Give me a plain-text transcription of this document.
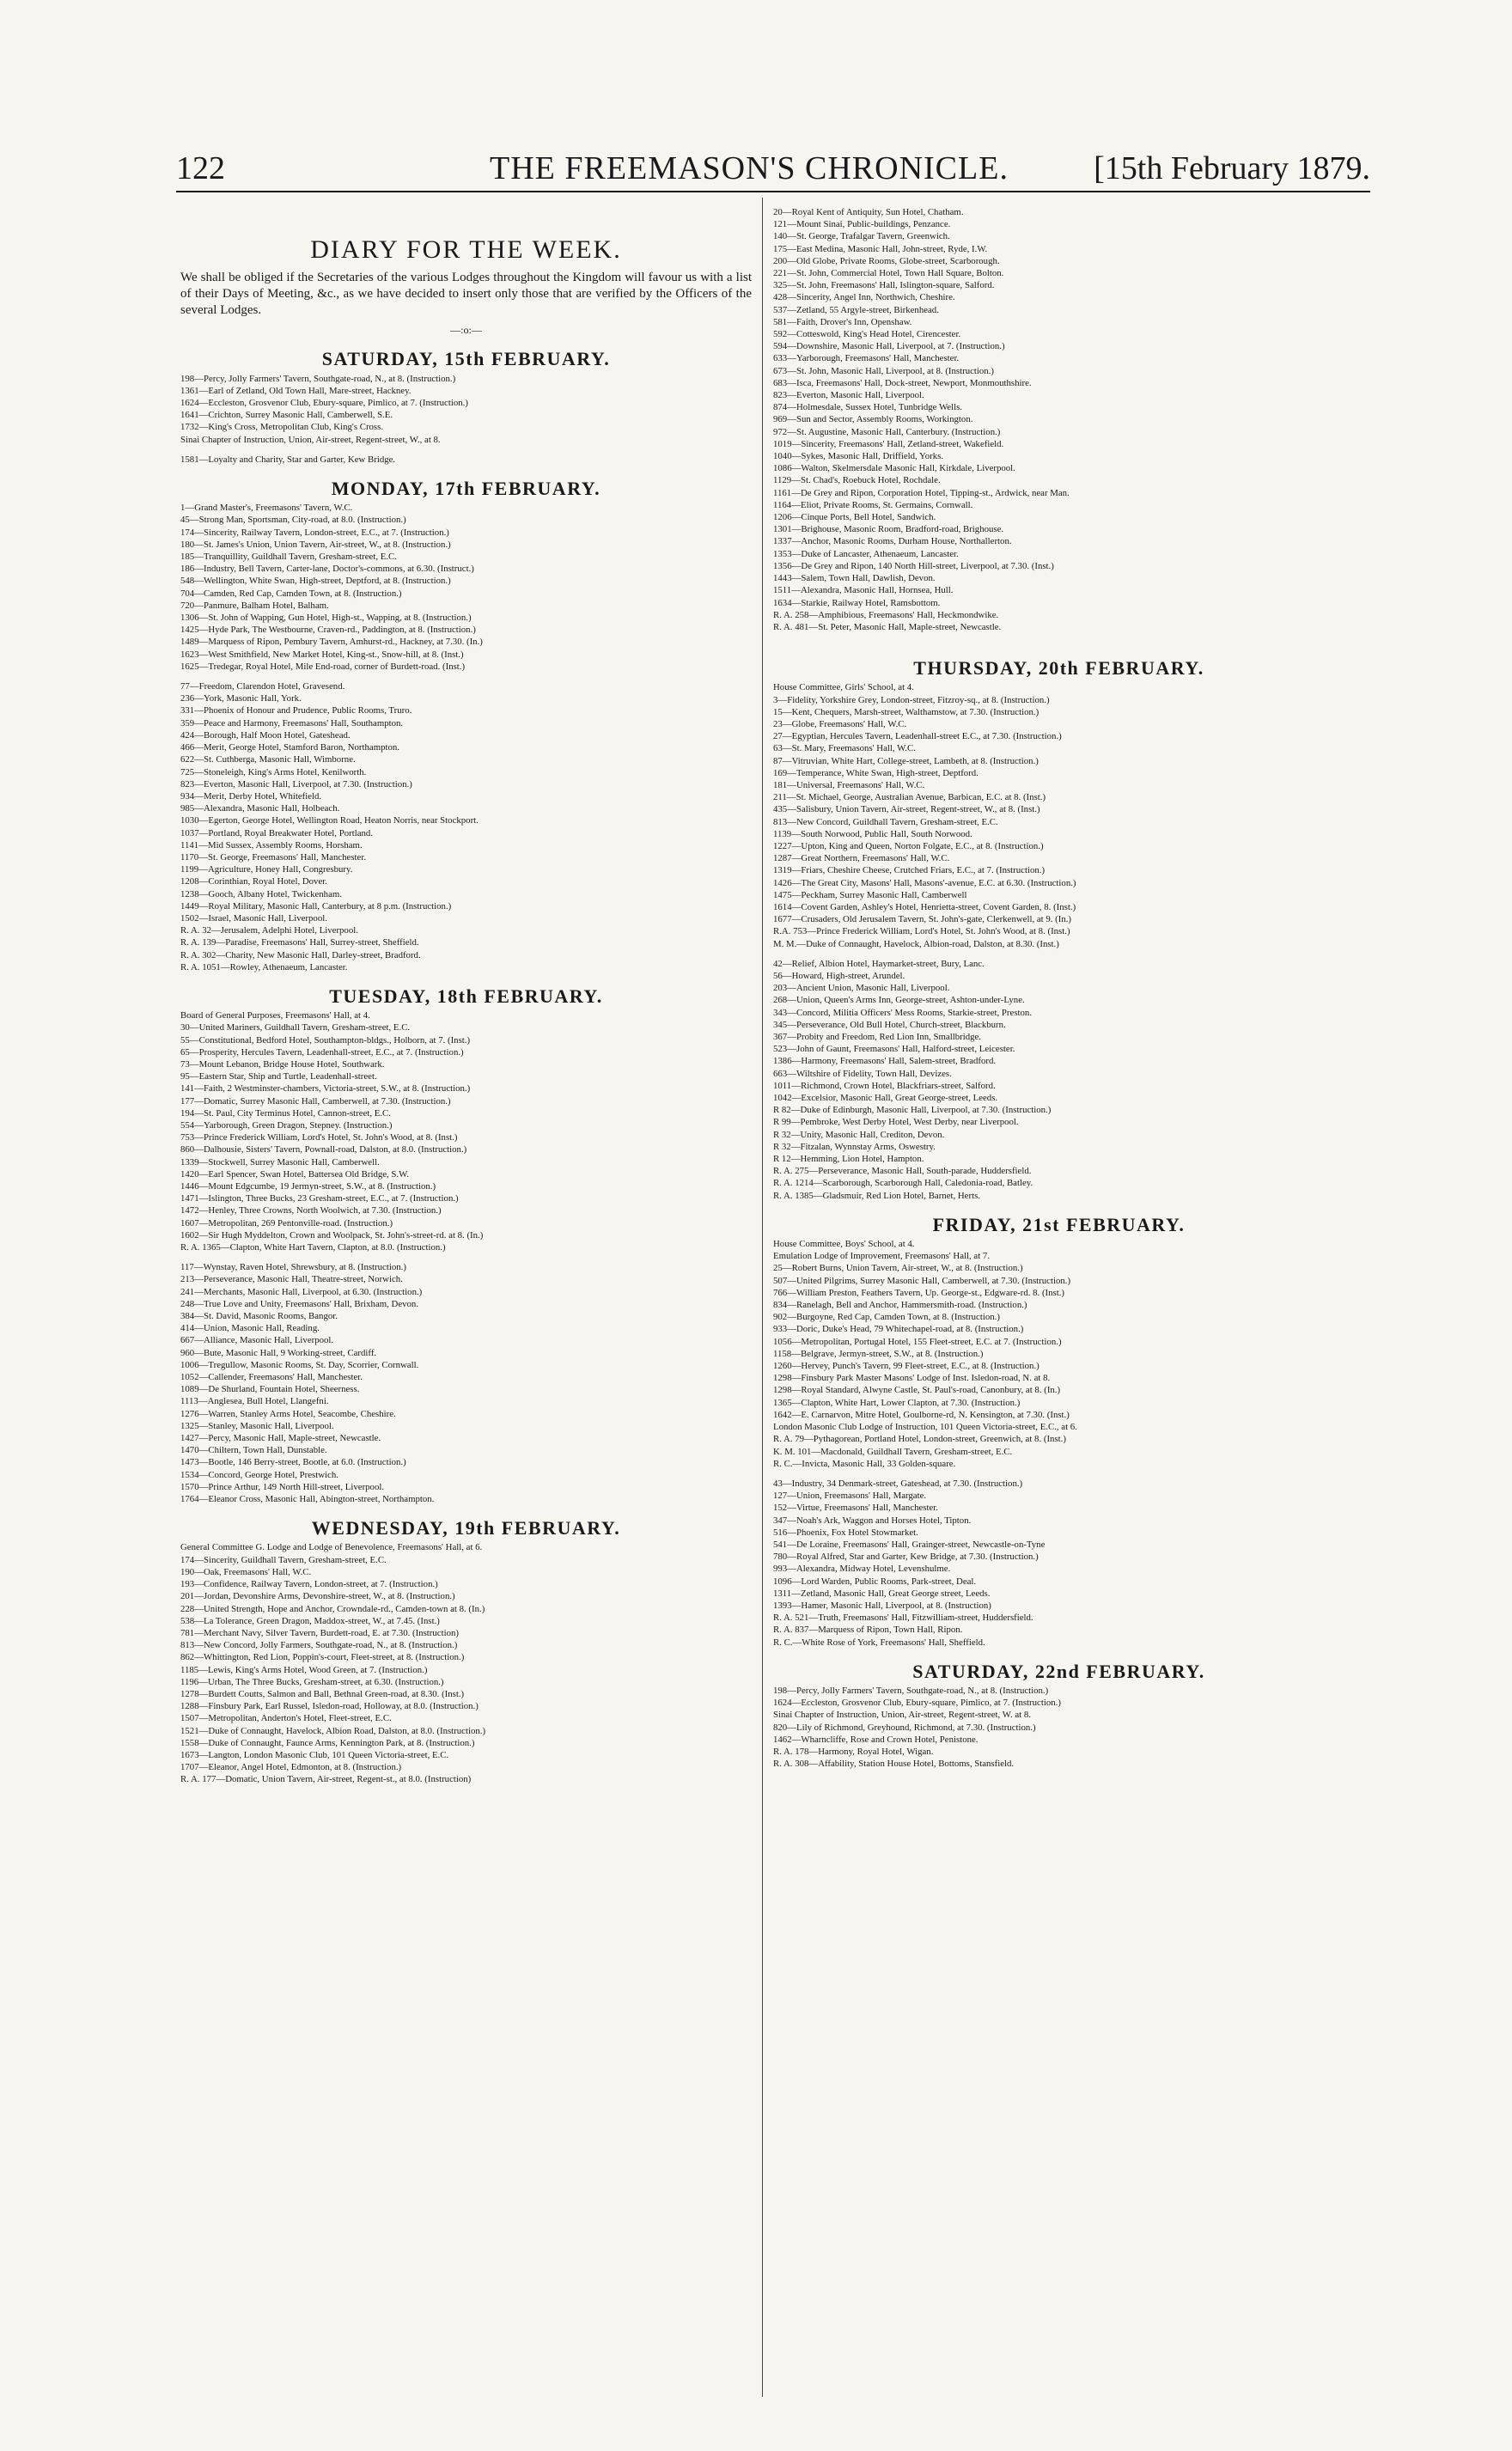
122	THE FREEMASON'S CHRONICLE.	[15th February 1879.
DIARY FOR THE WEEK.

We shall be obliged if the Secretaries of the various Lodges throughout the Kingdom will favour us with a list of their Days of Meeting, &c., as we have decided to insert only those that are verified by the Officers of the several Lodges.

—:o:—
SATURDAY, 15th FEBRUARY.

198—Percy, Jolly Farmers' Tavern, Southgate-road, N., at 8. (Instruction.)

1361—Earl of Zetland, Old Town Hall, Mare-street, Hackney.

1624—Eccleston, Grosvenor Club, Ebury-square, Pimlico, at 7. (Instruction.)

1641—Crichton, Surrey Masonic Hall, Camberwell, S.E.

1732—King's Cross, Metropolitan Club, King's Cross.

Sinai Chapter of Instruction, Union, Air-street, Regent-street, W., at 8.

1581—Loyalty and Charity, Star and Garter, Kew Bridge.

MONDAY, 17th FEBRUARY.

1—Grand Master's, Freemasons' Tavern, W.C.

45—Strong Man, Sportsman, City-road, at 8.0. (Instruction.)

174—Sincerity, Railway Tavern, London-street, E.C., at 7. (Instruction.)

180—St. James's Union, Union Tavern, Air-street, W., at 8. (Instruction.)

185—Tranquillity, Guildhall Tavern, Gresham-street, E.C.

186—Industry, Bell Tavern, Carter-lane, Doctor's-commons, at 6.30. (Instruct.)

548—Wellington, White Swan, High-street, Deptford, at 8. (Instruction.)

704—Camden, Red Cap, Camden Town, at 8. (Instruction.)

720—Panmure, Balham Hotel, Balham.

1306—St. John of Wapping, Gun Hotel, High-st., Wapping, at 8. (Instruction.)

1425—Hyde Park, The Westbourne, Craven-rd., Paddington, at 8. (Instruction.)

1489—Marquess of Ripon, Pembury Tavern, Amhurst-rd., Hackney, at 7.30. (In.)

1623—West Smithfield, New Market Hotel, King-st., Snow-hill, at 8. (Inst.)

1625—Tredegar, Royal Hotel, Mile End-road, corner of Burdett-road. (Inst.)

77—Freedom, Clarendon Hotel, Gravesend.

236—York, Masonic Hall, York.

331—Phoenix of Honour and Prudence, Public Rooms, Truro.

359—Peace and Harmony, Freemasons' Hall, Southampton.

424—Borough, Half Moon Hotel, Gateshead.

466—Merit, George Hotel, Stamford Baron, Northampton.

622—St. Cuthberga, Masonic Hall, Wimborne.

725—Stoneleigh, King's Arms Hotel, Kenilworth.

823—Everton, Masonic Hall, Liverpool, at 7.30. (Instruction.)

934—Merit, Derby Hotel, Whitefield.

985—Alexandra, Masonic Hall, Holbeach.

1030—Egerton, George Hotel, Wellington Road, Heaton Norris, near Stockport.

1037—Portland, Royal Breakwater Hotel, Portland.

1141—Mid Sussex, Assembly Rooms, Horsham.

1170—St. George, Freemasons' Hall, Manchester.

1199—Agriculture, Honey Hall, Congresbury.

1208—Corinthian, Royal Hotel, Dover.

1238—Gooch, Albany Hotel, Twickenham.

1449—Royal Military, Masonic Hall, Canterbury, at 8 p.m. (Instruction.)

1502—Israel, Masonic Hall, Liverpool.

R. A. 32—Jerusalem, Adelphi Hotel, Liverpool.

R. A. 139—Paradise, Freemasons' Hall, Surrey-street, Sheffield.

R. A. 302—Charity, New Masonic Hall, Darley-street, Bradford.

R. A. 1051—Rowley, Athenaeum, Lancaster.

TUESDAY, 18th FEBRUARY.

Board of General Purposes, Freemasons' Hall, at 4.

30—United Mariners, Guildhall Tavern, Gresham-street, E.C.

55—Constitutional, Bedford Hotel, Southampton-bldgs., Holborn, at 7. (Inst.)

65—Prosperity, Hercules Tavern, Leadenhall-street, E.C., at 7. (Instruction.)

73—Mount Lebanon, Bridge House Hotel, Southwark.

95—Eastern Star, Ship and Turtle, Leadenhall-street.

141—Faith, 2 Westminster-chambers, Victoria-street, S.W., at 8. (Instruction.)

177—Domatic, Surrey Masonic Hall, Camberwell, at 7.30. (Instruction.)

194—St. Paul, City Terminus Hotel, Cannon-street, E.C.

554—Yarborough, Green Dragon, Stepney. (Instruction.)

753—Prince Frederick William, Lord's Hotel, St. John's Wood, at 8. (Inst.)

860—Dalhousie, Sisters' Tavern, Pownall-road, Dalston, at 8.0. (Instruction.)

1339—Stockwell, Surrey Masonic Hall, Camberwell.

1420—Earl Spencer, Swan Hotel, Battersea Old Bridge, S.W.

1446—Mount Edgcumbe, 19 Jermyn-street, S.W., at 8. (Instruction.)

1471—Islington, Three Bucks, 23 Gresham-street, E.C., at 7. (Instruction.)

1472—Henley, Three Crowns, North Woolwich, at 7.30. (Instruction.)

1607—Metropolitan, 269 Pentonville-road. (Instruction.)

1602—Sir Hugh Myddelton, Crown and Woolpack, St. John's-street-rd. at 8. (In.)

R. A. 1365—Clapton, White Hart Tavern, Clapton, at 8.0. (Instruction.)

117—Wynstay, Raven Hotel, Shrewsbury, at 8. (Instruction.)

213—Perseverance, Masonic Hall, Theatre-street, Norwich.

241—Merchants, Masonic Hall, Liverpool, at 6.30. (Instruction.)

248—True Love and Unity, Freemasons' Hall, Brixham, Devon.

384—St. David, Masonic Rooms, Bangor.

414—Union, Masonic Hall, Reading.

667—Alliance, Masonic Hall, Liverpool.

960—Bute, Masonic Hall, 9 Working-street, Cardiff.

1006—Tregullow, Masonic Rooms, St. Day, Scorrier, Cornwall.

1052—Callender, Freemasons' Hall, Manchester.

1089—De Shurland, Fountain Hotel, Sheerness.

1113—Anglesea, Bull Hotel, Llangefni.

1276—Warren, Stanley Arms Hotel, Seacombe, Cheshire.

1325—Stanley, Masonic Hall, Liverpool.

1427—Percy, Masonic Hall, Maple-street, Newcastle.

1470—Chiltern, Town Hall, Dunstable.

1473—Bootle, 146 Berry-street, Bootle, at 6.0. (Instruction.)

1534—Concord, George Hotel, Prestwich.

1570—Prince Arthur, 149 North Hill-street, Liverpool.

1764—Eleanor Cross, Masonic Hall, Abington-street, Northampton.

WEDNESDAY, 19th FEBRUARY.

General Committee G. Lodge and Lodge of Benevolence, Freemasons' Hall, at 6.

174—Sincerity, Guildhall Tavern, Gresham-street, E.C.

190—Oak, Freemasons' Hall, W.C.

193—Confidence, Railway Tavern, London-street, at 7. (Instruction.)

201—Jordan, Devonshire Arms, Devonshire-street, W., at 8. (Instruction.)

228—United Strength, Hope and Anchor, Crowndale-rd., Camden-town at 8. (In.)

538—La Tolerance, Green Dragon, Maddox-street, W., at 7.45. (Inst.)

781—Merchant Navy, Silver Tavern, Burdett-road, E. at 7.30. (Instruction)

813—New Concord, Jolly Farmers, Southgate-road, N., at 8. (Instruction.)

862—Whittington, Red Lion, Poppin's-court, Fleet-street, at 8. (Instruction.)

1185—Lewis, King's Arms Hotel, Wood Green, at 7. (Instruction.)

1196—Urban, The Three Bucks, Gresham-street, at 6.30. (Instruction.)

1278—Burdett Coutts, Salmon and Ball, Bethnal Green-road, at 8.30. (Inst.)

1288—Finsbury Park, Earl Russel, Isledon-road, Holloway, at 8.0. (Instruction.)

1507—Metropolitan, Anderton's Hotel, Fleet-street, E.C.

1521—Duke of Connaught, Havelock, Albion Road, Dalston, at 8.0. (Instruction.)

1558—Duke of Connaught, Faunce Arms, Kennington Park, at 8. (Instruction.)

1673—Langton, London Masonic Club, 101 Queen Victoria-street, E.C.

1707—Eleanor, Angel Hotel, Edmonton, at 8. (Instruction.)

R. A. 177—Domatic, Union Tavern, Air-street, Regent-st., at 8.0. (Instruction)

20—Royal Kent of Antiquity, Sun Hotel, Chatham.

121—Mount Sinai, Public-buildings, Penzance.

140—St. George, Trafalgar Tavern, Greenwich.

175—East Medina, Masonic Hall, John-street, Ryde, I.W.

200—Old Globe, Private Rooms, Globe-street, Scarborough.

221—St. John, Commercial Hotel, Town Hall Square, Bolton.

325—St. John, Freemasons' Hall, Islington-square, Salford.

428—Sincerity, Angel Inn, Northwich, Cheshire.

537—Zetland, 55 Argyle-street, Birkenhead.

581—Faith, Drover's Inn, Openshaw.

592—Cotteswold, King's Head Hotel, Cirencester.

594—Downshire, Masonic Hall, Liverpool, at 7. (Instruction.)

633—Yarborough, Freemasons' Hall, Manchester.

673—St. John, Masonic Hall, Liverpool, at 8. (Instruction.)

683—Isca, Freemasons' Hall, Dock-street, Newport, Monmouthshire.

823—Everton, Masonic Hall, Liverpool.

874—Holmesdale, Sussex Hotel, Tunbridge Wells.

969—Sun and Sector, Assembly Rooms, Workington.

972—St. Augustine, Masonic Hall, Canterbury. (Instruction.)

1019—Sincerity, Freemasons' Hall, Zetland-street, Wakefield.

1040—Sykes, Masonic Hall, Driffield, Yorks.

1086—Walton, Skelmersdale Masonic Hall, Kirkdale, Liverpool.

1129—St. Chad's, Roebuck Hotel, Rochdale.

1161—De Grey and Ripon, Corporation Hotel, Tipping-st., Ardwick, near Man.

1164—Eliot, Private Rooms, St. Germains, Cornwall.

1206—Cinque Ports, Bell Hotel, Sandwich.

1301—Brighouse, Masonic Room, Bradford-road, Brighouse.

1337—Anchor, Masonic Rooms, Durham House, Northallerton.

1353—Duke of Lancaster, Athenaeum, Lancaster.

1356—De Grey and Ripon, 140 North Hill-street, Liverpool, at 7.30. (Inst.)

1443—Salem, Town Hall, Dawlish, Devon.

1511—Alexandra, Masonic Hall, Hornsea, Hull.

1634—Starkie, Railway Hotel, Ramsbottom.

R. A. 258—Amphibious, Freemasons' Hall, Heckmondwike.

R. A. 481—St. Peter, Masonic Hall, Maple-street, Newcastle.

THURSDAY, 20th FEBRUARY.

House Committee, Girls' School, at 4.

3—Fidelity, Yorkshire Grey, London-street, Fitzroy-sq., at 8. (Instruction.)

15—Kent, Chequers, Marsh-street, Walthamstow, at 7.30. (Instruction.)

23—Globe, Freemasons' Hall, W.C.

27—Egyptian, Hercules Tavern, Leadenhall-street E.C., at 7.30. (Instruction.)

63—St. Mary, Freemasons' Hall, W.C.

87—Vitruvian, White Hart, College-street, Lambeth, at 8. (Instruction.)

169—Temperance, White Swan, High-street, Deptford.

181—Universal, Freemasons' Hall, W.C.

211—St. Michael, George, Australian Avenue, Barbican, E.C. at 8. (Inst.)

435—Salisbury, Union Tavern, Air-street, Regent-street, W., at 8. (Inst.)

813—New Concord, Guildhall Tavern, Gresham-street, E.C.

1139—South Norwood, Public Hall, South Norwood.

1227—Upton, King and Queen, Norton Folgate, E.C., at 8. (Instruction.)

1287—Great Northern, Freemasons' Hall, W.C.

1319—Friars, Cheshire Cheese, Crutched Friars, E.C., at 7. (Instruction.)

1426—The Great City, Masons' Hall, Masons'-avenue, E.C. at 6.30. (Instruction.)

1475—Peckham, Surrey Masonic Hall, Camberwell

1614—Covent Garden, Ashley's Hotel, Henrietta-street, Covent Garden, 8. (Inst.)

1677—Crusaders, Old Jerusalem Tavern, St. John's-gate, Clerkenwell, at 9. (In.)

R.A. 753—Prince Frederick William, Lord's Hotel, St. John's Wood, at 8. (Inst.)

M. M.—Duke of Connaught, Havelock, Albion-road, Dalston, at 8.30. (Inst.)

42—Relief, Albion Hotel, Haymarket-street, Bury, Lanc.

56—Howard, High-street, Arundel.

203—Ancient Union, Masonic Hall, Liverpool.

268—Union, Queen's Arms Inn, George-street, Ashton-under-Lyne.

343—Concord, Militia Officers' Mess Rooms, Starkie-street, Preston.

345—Perseverance, Old Bull Hotel, Church-street, Blackburn.

367—Probity and Freedom, Red Lion Inn, Smallbridge.

523—John of Gaunt, Freemasons' Hall, Halford-street, Leicester.

1386—Harmony, Freemasons' Hall, Salem-street, Bradford.

663—Wiltshire of Fidelity, Town Hall, Devizes.

1011—Richmond, Crown Hotel, Blackfriars-street, Salford.

1042—Excelsior, Masonic Hall, Great George-street, Leeds.

R 82—Duke of Edinburgh, Masonic Hall, Liverpool, at 7.30. (Instruction.)

R 99—Pembroke, West Derby Hotel, West Derby, near Liverpool.

R 32—Unity, Masonic Hall, Crediton, Devon.

R 32—Fitzalan, Wynnstay Arms, Oswestry.

R 12—Hemming, Lion Hotel, Hampton.

R. A. 275—Perseverance, Masonic Hall, South-parade, Huddersfield.

R. A. 1214—Scarborough, Scarborough Hall, Caledonia-road, Batley.

R. A. 1385—Gladsmuir, Red Lion Hotel, Barnet, Herts.

FRIDAY, 21st FEBRUARY.

House Committee, Boys' School, at 4.

Emulation Lodge of Improvement, Freemasons' Hall, at 7.

25—Robert Burns, Union Tavern, Air-street, W., at 8. (Instruction.)

507—United Pilgrims, Surrey Masonic Hall, Camberwell, at 7.30. (Instruction.)

766—William Preston, Feathers Tavern, Up. George-st., Edgware-rd. 8. (Inst.)

834—Ranelagh, Bell and Anchor, Hammersmith-road. (Instruction.)

902—Burgoyne, Red Cap, Camden Town, at 8. (Instruction.)

933—Doric, Duke's Head, 79 Whitechapel-road, at 8. (Instruction.)

1056—Metropolitan, Portugal Hotel, 155 Fleet-street, E.C. at 7. (Instruction.)

1158—Belgrave, Jermyn-street, S.W., at 8. (Instruction.)

1260—Hervey, Punch's Tavern, 99 Fleet-street, E.C., at 8. (Instruction.)

1298—Finsbury Park Master Masons' Lodge of Inst. Isledon-road, N. at 8.

1298—Royal Standard, Alwyne Castle, St. Paul's-road, Canonbury, at 8. (In.)

1365—Clapton, White Hart, Lower Clapton, at 7.30. (Instruction.)

1642—E. Carnarvon, Mitre Hotel, Goulborne-rd, N. Kensington, at 7.30. (Inst.)

London Masonic Club Lodge of Instruction, 101 Queen Victoria-street, E.C., at 6.

R. A. 79—Pythagorean, Portland Hotel, London-street, Greenwich, at 8. (Inst.)

K. M. 101—Macdonald, Guildhall Tavern, Gresham-street, E.C.

R. C.—Invicta, Masonic Hall, 33 Golden-square.

43—Industry, 34 Denmark-street, Gateshead, at 7.30. (Instruction.)

127—Union, Freemasons' Hall, Margate.

152—Virtue, Freemasons' Hall, Manchester.

347—Noah's Ark, Waggon and Horses Hotel, Tipton.

516—Phoenix, Fox Hotel Stowmarket.

541—De Loraine, Freemasons' Hall, Grainger-street, Newcastle-on-Tyne

780—Royal Alfred, Star and Garter, Kew Bridge, at 7.30. (Instruction.)

993—Alexandra, Midway Hotel, Levenshulme.

1096—Lord Warden, Public Rooms, Park-street, Deal.

1311—Zetland, Masonic Hall, Great George street, Leeds.

1393—Hamer, Masonic Hall, Liverpool, at 8. (Instruction)

R. A. 521—Truth, Freemasons' Hall, Fitzwilliam-street, Huddersfield.

R. A. 837—Marquess of Ripon, Town Hall, Ripon.

R. C.—White Rose of York, Freemasons' Hall, Sheffield.

SATURDAY, 22nd FEBRUARY.

198—Percy, Jolly Farmers' Tavern, Southgate-road, N., at 8. (Instruction.)

1624—Eccleston, Grosvenor Club, Ebury-square, Pimlico, at 7. (Instruction.)

Sinai Chapter of Instruction, Union, Air-street, Regent-street, W. at 8.

820—Lily of Richmond, Greyhound, Richmond, at 7.30. (Instruction.)

1462—Wharncliffe, Rose and Crown Hotel, Penistone.

R. A. 178—Harmony, Royal Hotel, Wigan.

R. A. 308—Affability, Station House Hotel, Bottoms, Stansfield.
